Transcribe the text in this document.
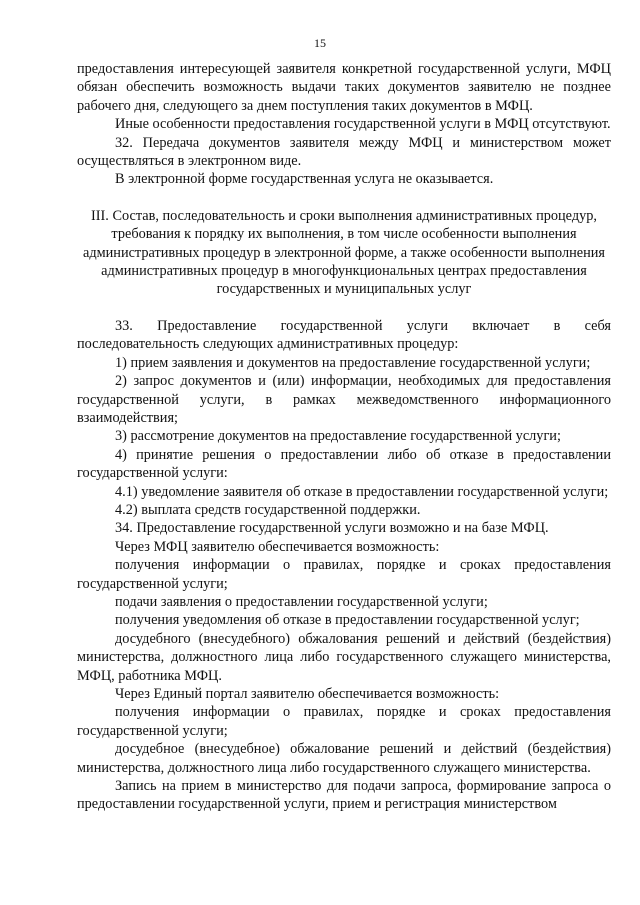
15

предоставления интересующей заявителя конкретной государственной услуги, МФЦ обязан обеспечить возможность выдачи таких документов заявителю не позднее рабочего дня, следующего за днем поступления таких документов в МФЦ.

Иные особенности предоставления государственной услуги в МФЦ отсутствуют.

32. Передача документов заявителя между МФЦ и министерством может осуществляться в электронном виде.

В электронной форме государственная услуга не оказывается.

III. Состав, последовательность и сроки выполнения административных процедур, требования к порядку их выполнения, в том числе особенности выполнения административных процедур в электронной форме, а также особенности выполнения административных процедур в многофункциональных центрах предоставления государственных и муниципальных услуг

33. Предоставление государственной услуги включает в себя последовательность следующих административных процедур:

1) прием заявления и документов на предоставление государственной услуги;

2) запрос документов и (или) информации, необходимых для предоставления государственной услуги, в рамках межведомственного информационного взаимодействия;

3) рассмотрение документов на предоставление государственной услуги;

4) принятие решения о предоставлении либо об отказе в предоставлении государственной услуги:

4.1) уведомление заявителя об отказе в предоставлении государственной услуги;

4.2) выплата средств государственной поддержки.

34. Предоставление государственной услуги возможно и на базе МФЦ.

Через МФЦ заявителю обеспечивается возможность:

получения информации о правилах, порядке и сроках предоставления государственной услуги;

подачи заявления о предоставлении государственной услуги;

получения уведомления об отказе в предоставлении государственной услуг;

досудебного (внесудебного) обжалования решений и действий (бездействия) министерства, должностного лица либо государственного служащего министерства, МФЦ, работника МФЦ.

Через Единый портал заявителю обеспечивается возможность:

получения информации о правилах, порядке и сроках предоставления государственной услуги;

досудебное (внесудебное) обжалование решений и действий (бездействия) министерства, должностного лица либо государственного служащего министерства.

Запись на прием в министерство для подачи запроса, формирование запроса о предоставлении государственной услуги, прием и регистрация министерством
